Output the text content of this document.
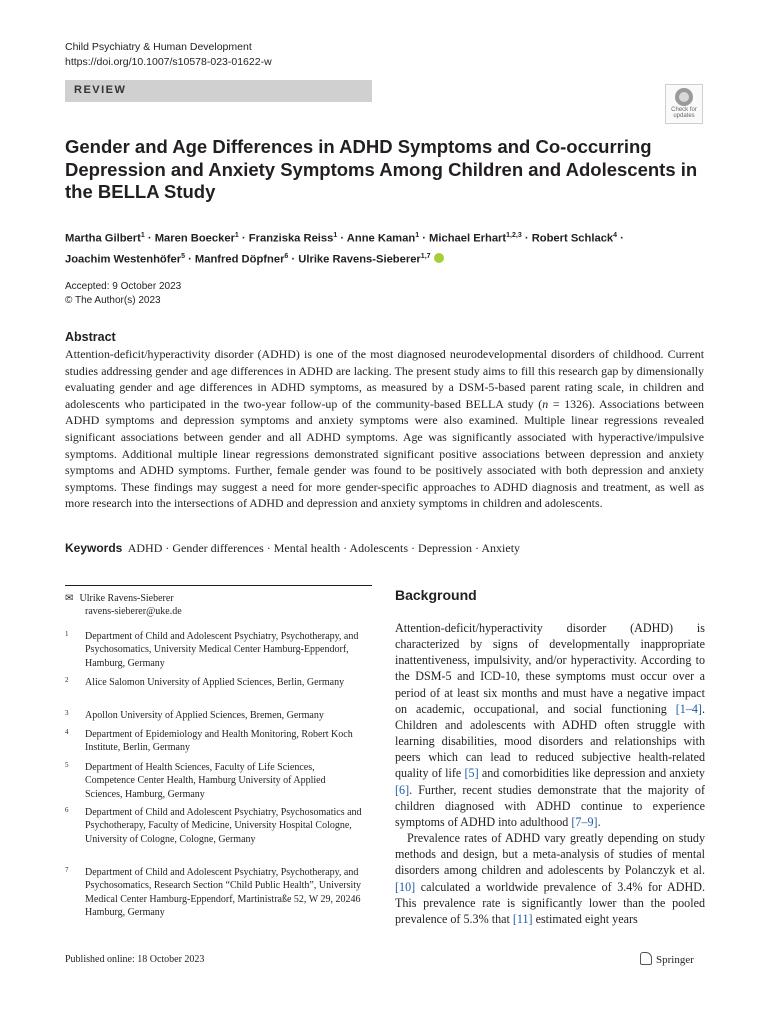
Child Psychiatry & Human Development
https://doi.org/10.1007/s10578-023-01622-w
REVIEW
Check for
updates
Gender and Age Differences in ADHD Symptoms and Co-occurring Depression and Anxiety Symptoms Among Children and Adolescents in the BELLA Study
Martha Gilbert$^1$ · Maren Boecker$^1$ · Franziska Reiss$^1$ · Anne Kaman$^1$ · Michael Erhart$^{1,2,3}$ · Robert Schlack$^4$ ·
Joachim Westenhöfer$^5$ · Manfred Döpfner$^6$ · Ulrike Ravens-Sieberer$^{1,7}$
Accepted: 9 October 2023
© The Author(s) 2023
Abstract
Attention-deficit/hyperactivity disorder (ADHD) is one of the most diagnosed neurodevelopmental disorders of childhood. Current studies addressing gender and age differences in ADHD are lacking. The present study aims to fill this research gap by dimensionally evaluating gender and age differences in ADHD symptoms, as measured by a DSM-5-based parent rating scale, in children and adolescents who participated in the two-year follow-up of the community-based BELLA study (n = 1326). Associations between ADHD symptoms and depression symptoms and anxiety symptoms were also examined. Multiple linear regressions revealed significant associations between gender and all ADHD symptoms. Age was significantly associated with hyperactive/impulsive symptoms. Additional multiple linear regressions demonstrated significant positive associations between depression and anxiety symptoms and ADHD symptoms. Further, female gender was found to be positively associated with both depression and anxiety symptoms. These findings may suggest a need for more gender-specific approaches to ADHD diagnosis and treatment, as well as more research into the intersections of ADHD and depression and anxiety symptoms in children and adolescents.
Keywords ADHD · Gender differences · Mental health · Adolescents · Depression · Anxiety
✉ Ulrike Ravens-Sieberer
ravens-sieberer@uke.de
1 Department of Child and Adolescent Psychiatry, Psychotherapy, and Psychosomatics, University Medical Center Hamburg-Eppendorf, Hamburg, Germany
2 Alice Salomon University of Applied Sciences, Berlin, Germany
3 Apollon University of Applied Sciences, Bremen, Germany
4 Department of Epidemiology and Health Monitoring, Robert Koch Institute, Berlin, Germany
5 Department of Health Sciences, Faculty of Life Sciences, Competence Center Health, Hamburg University of Applied Sciences, Hamburg, Germany
6 Department of Child and Adolescent Psychiatry, Psychosomatics and Psychotherapy, Faculty of Medicine, University Hospital Cologne, University of Cologne, Cologne, Germany
7 Department of Child and Adolescent Psychiatry, Psychotherapy, and Psychosomatics, Research Section “Child Public Health”, University Medical Center Hamburg-Eppendorf, Martinistraße 52, W 29, 20246 Hamburg, Germany
Background

Attention-deficit/hyperactivity disorder (ADHD) is characterized by signs of developmentally inappropriate inattentiveness, impulsivity, and/or hyperactivity. According to the DSM-5 and ICD-10, these symptoms must occur over a period of at least six months and must have a negative impact on academic, occupational, and social functioning [1–4]. Children and adolescents with ADHD often struggle with learning disabilities, mood disorders and relationships with peers which can lead to reduced subjective health-related quality of life [5] and comorbidities like depression and anxiety [6]. Further, recent studies demonstrate that the majority of children diagnosed with ADHD continue to experience symptoms of ADHD into adulthood [7–9].

Prevalence rates of ADHD vary greatly depending on study methods and design, but a meta-analysis of studies of mental disorders among children and adolescents by Polanczyk et al. [10] calculated a worldwide prevalence of 3.4% for ADHD. This prevalence rate is significantly lower than the pooled prevalence of 5.3% that [11] estimated eight years

Published online: 18 October 2023	Springer
